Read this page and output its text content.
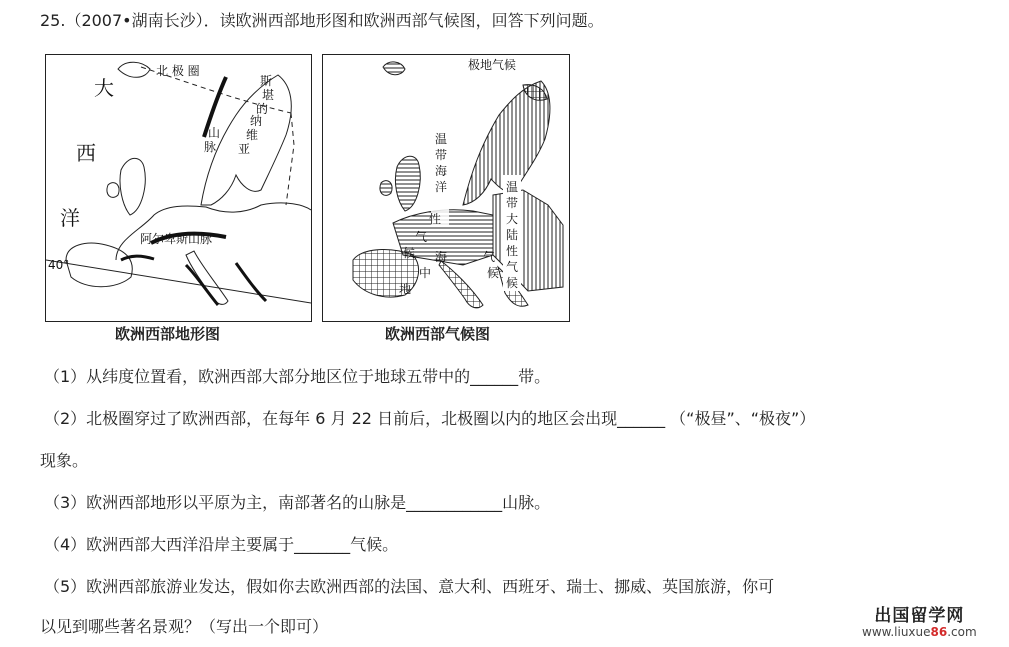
25.（2007•湖南长沙）．读欧洲西部地形图和欧洲西部气候图，回答下列问题。
大
西
洋
北 极 圈
斯
堪
的
纳
维
亚
山
脉
阿尔卑斯山脉
40°
欧洲西部地形图
极地气候
温
带
海
洋
性
气
候
温
带
大
陆
性
气
候
地
中
海	气
候
欧洲西部气候图
（1）从纬度位置看，欧洲西部大部分地区位于地球五带中的______带。
（2）北极圈穿过了欧洲西部，在每年 6 月 22 日前后，北极圈以内的地区会出现______ （“极昼”、“极夜”）
现象。
（3）欧洲西部地形以平原为主，南部著名的山脉是____________山脉。
（4）欧洲西部大西洋沿岸主要属于_______气候。
（5）欧洲西部旅游业发达，假如你去欧洲西部的法国、意大利、西班牙、瑞士、挪威、英国旅游，你可
以见到哪些著名景观？（写出一个即可）
出国留学网
www.liuxue86.com
